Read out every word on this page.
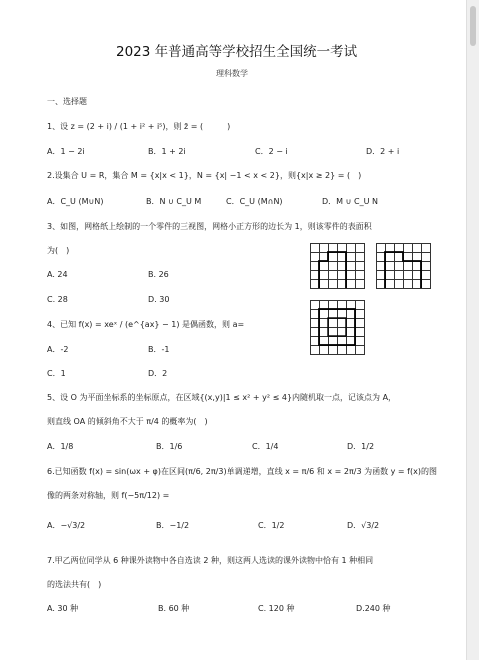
2023 年普通高等学校招生全国统一考试
理科数学
一、选择题
1、设 z = (2 + i) / (1 + i² + i⁵)，则 z̄ = (　　　)
A．1 − 2i	B．1 + 2i	C．2 − i	D．2 + i
2.设集合 U = R，集合 M = {x|x < 1}，N = {x| −1 < x < 2}，则{x|x ≥ 2} = (　)
A．C_U (M∪N)	B．N ∪ C_U M	C．C_U (M∩N)	D．M ∪ C_U N
3、如图，网格纸上绘制的一个零件的三视图，网格小正方形的边长为 1，则该零件的表面积
为(　)
A. 24	B. 26
C. 28	D. 30
4、已知 f(x) = xeˣ / (e^{ax} − 1) 是偶函数，则 a=
A．-2	B．-1
C．1	D．2
5、设 O 为平面坐标系的坐标原点，在区域{(x,y)|1 ≤ x² + y² ≤ 4}内随机取一点，记该点为 A，
则直线 OA 的倾斜角不大于 π/4 的概率为(　)
A．1/8	B．1/6	C．1/4	D．1/2
6.已知函数 f(x) = sin(ωx + φ)在区间(π/6, 2π/3)单调递增，直线 x = π/6 和 x = 2π/3 为函数 y = f(x)的图
像的两条对称轴，则 f(−5π/12) =
A．−√3/2	B．−1/2	C．1/2	D．√3/2
7.甲乙两位同学从 6 种课外读物中各自选读 2 种，则这两人选读的课外读物中恰有 1 种相同
的选法共有(　)
A. 30 种	B. 60 种	C. 120 种	D.240 种
